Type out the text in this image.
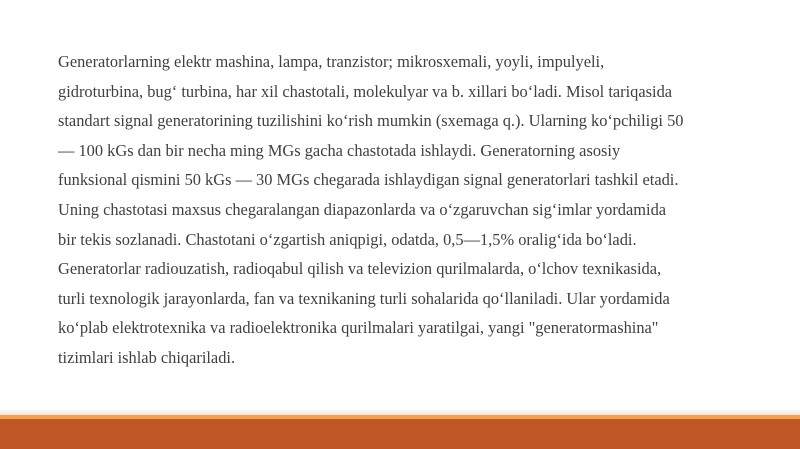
Generatorlarning elektr mashina, lampa, tranzistor; mikrosxemali, yoyli, impulyeli,
gidroturbina, bug‘ turbina, har xil chastotali, molekulyar va b. xillari bo‘ladi. Misol tariqasida
standart signal generatorining tuzilishini ko‘rish mumkin (sxemaga q.). Ularning ko‘pchiligi 50
— 100 kGs dan bir necha ming MGs gacha chastotada ishlaydi. Generatorning asosiy
funksional qismini 50 kGs — 30 MGs chegarada ishlaydigan signal generatorlari tashkil etadi.
Uning chastotasi maxsus chegaralangan diapazonlarda va o‘zgaruvchan sig‘imlar yordamida
bir tekis sozlanadi. Chastotani o‘zgartish aniqpigi, odatda, 0,5—1,5% oralig‘ida bo‘ladi.
Generatorlar radiouzatish, radioqabul qilish va televizion qurilmalarda, o‘lchov texnikasida,
turli texnologik jarayonlarda, fan va texnikaning turli sohalarida qo‘llaniladi. Ular yordamida
ko‘plab elektrotexnika va radioelektronika qurilmalari yaratilgai, yangi "generatormashina"
tizimlari ishlab chiqariladi.
